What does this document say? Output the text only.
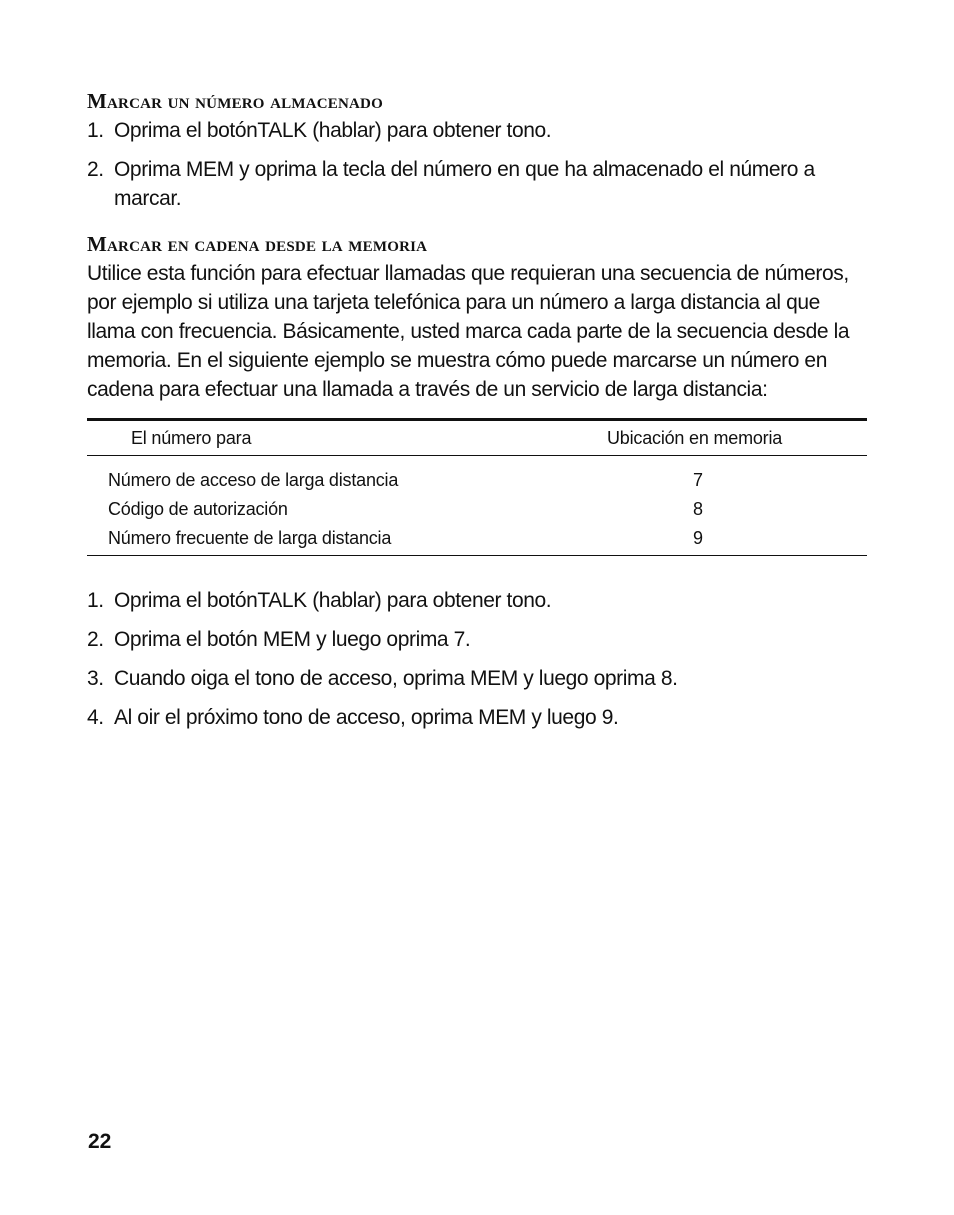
Marcar un número almacenado
1. Oprima el botónTALK (hablar) para obtener tono.
2. Oprima MEM y oprima la tecla del número en que ha almacenado el número a marcar.
Marcar en cadena desde la memoria

Utilice esta función para efectuar llamadas que requieran una secuencia de números, por ejemplo si utiliza una tarjeta telefónica para un número a larga distancia al que llama con frecuencia. Básicamente, usted marca cada parte de la secuencia desde la memoria. En el siguiente ejemplo se muestra cómo puede marcarse un número en cadena para efectuar una llamada a través de un servicio de larga distancia:

El número para	Ubicación en memoria
Número de acceso de larga distancia	7
Código de autorización	8
Número frecuente de larga distancia	9
1. Oprima el botónTALK (hablar) para obtener tono.
2. Oprima el botón MEM y luego oprima 7.
3. Cuando oiga el tono de acceso, oprima MEM y luego oprima 8.
4. Al oir el próximo tono de acceso, oprima MEM y luego 9.
22
